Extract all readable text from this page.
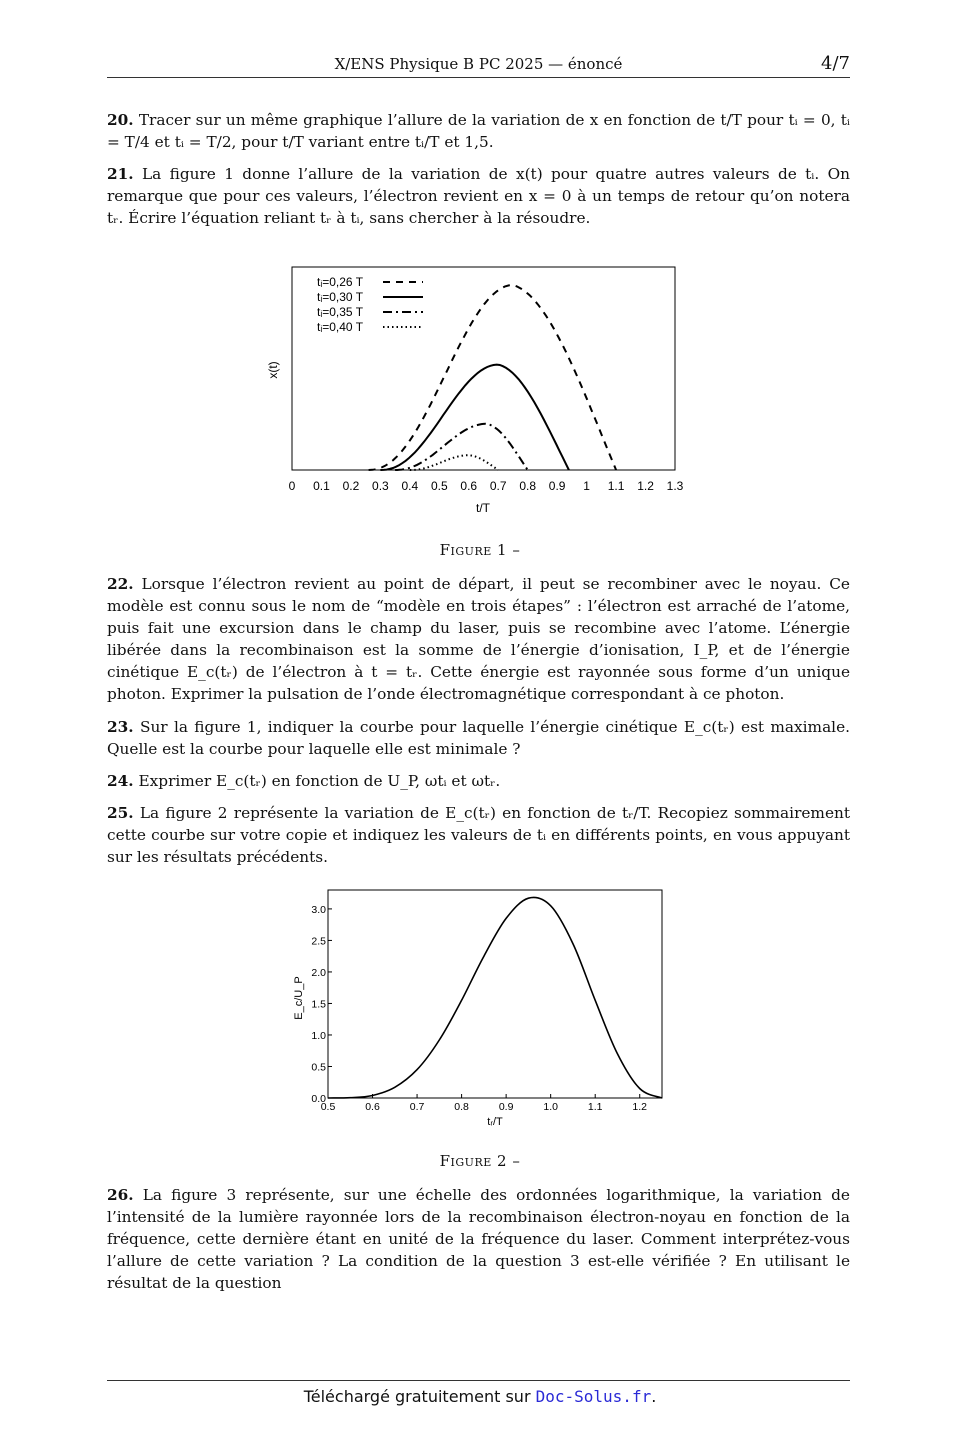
X/ENS Physique B PC 2025 — énoncé	4/7
20. Tracer sur un même graphique l’allure de la variation de x en fonction de t/T pour tᵢ = 0, tᵢ = T/4 et tᵢ = T/2, pour t/T variant entre tᵢ/T et 1,5.
21. La figure 1 donne l’allure de la variation de x(t) pour quatre autres valeurs de tᵢ. On remarque que pour ces valeurs, l’électron revient en x = 0 à un temps de retour qu’on notera tᵣ. Écrire l’équation reliant tᵣ à tᵢ, sans chercher à la résoudre.
0 0.1 0.2 0.3 0.4 0.5 0.6 0.7 0.8 0.9 1 1.1 1.2 1.3
t/T
x(t)
tᵢ=0,26 T
tᵢ=0,30 T
tᵢ=0,35 T
tᵢ=0,40 T
Figure 1 –
22. Lorsque l’électron revient au point de départ, il peut se recombiner avec le noyau. Ce modèle est connu sous le nom de “modèle en trois étapes” : l’électron est arraché de l’atome, puis fait une excursion dans le champ du laser, puis se recombine avec l’atome. L’énergie libérée dans la recombinaison est la somme de l’énergie d’ionisation, I_P, et de l’énergie cinétique E_c(tᵣ) de l’électron à t = tᵣ. Cette énergie est rayonnée sous forme d’un unique photon. Exprimer la pulsation de l’onde électromagnétique correspondant à ce photon.
23. Sur la figure 1, indiquer la courbe pour laquelle l’énergie cinétique E_c(tᵣ) est maximale. Quelle est la courbe pour laquelle elle est minimale ?
24. Exprimer E_c(tᵣ) en fonction de U_P, ωtᵢ et ωtᵣ.
25. La figure 2 représente la variation de E_c(tᵣ) en fonction de tᵣ/T. Recopiez sommairement cette courbe sur votre copie et indiquez les valeurs de tᵢ en différents points, en vous appuyant sur les résultats précédents.
0.0
0.5
1.0
1.5
2.0
2.5
3.0
0.5	0.6	0.7	0.8	0.9	1.0	1.1	1.2
tᵣ/T
E_c/U_P
Figure 2 –
26. La figure 3 représente, sur une échelle des ordonnées logarithmique, la variation de l’intensité de la lumière rayonnée lors de la recombinaison électron-noyau en fonction de la fréquence, cette dernière étant en unité de la fréquence du laser. Comment interprétez-vous l’allure de cette variation ? La condition de la question 3 est-elle vérifiée ? En utilisant le résultat de la question
Téléchargé gratuitement sur Doc-Solus.fr.
